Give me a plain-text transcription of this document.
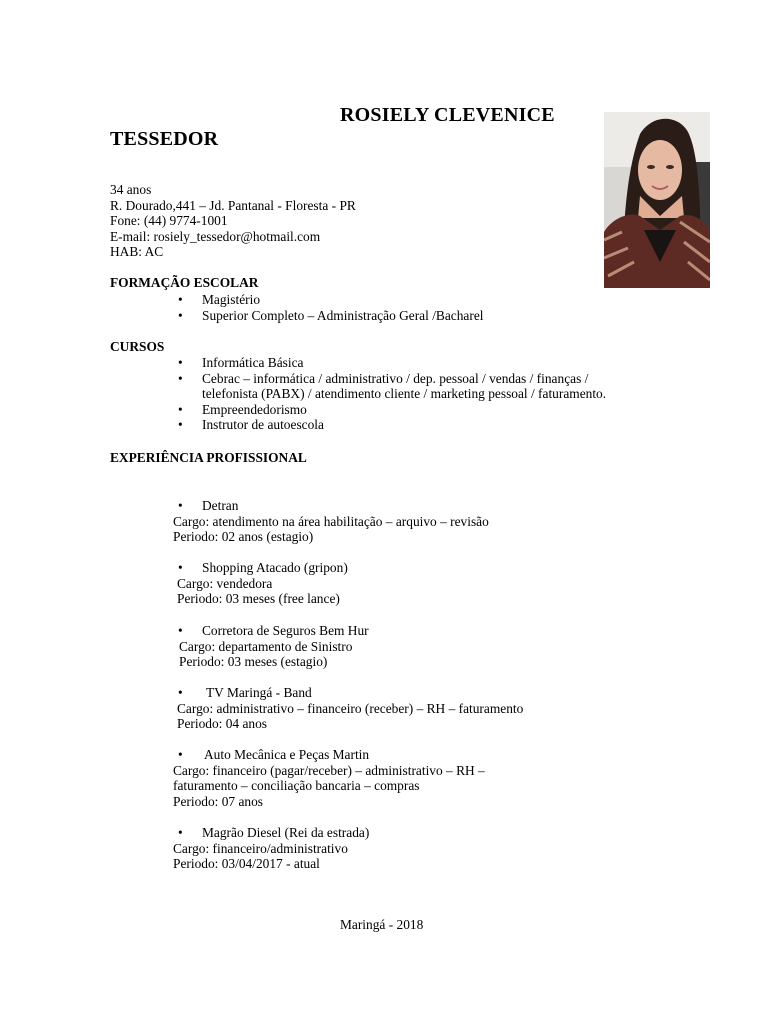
ROSIELY CLEVENICE
TESSEDOR
34 anos
R. Dourado,441 – Jd. Pantanal - Floresta - PR
Fone: (44) 9774-1001
E-mail: rosiely_tessedor@hotmail.com
HAB: AC
FORMAÇÃO ESCOLAR
• Magistério
• Superior Completo – Administração Geral /Bacharel
CURSOS
• Informática Básica
• Cebrac – informática / administrativo / dep. pessoal / vendas / finanças /
telefonista (PABX) / atendimento cliente / marketing pessoal / faturamento.
• Empreendedorismo
• Instrutor de autoescola
EXPERIÊNCIA PROFISSIONAL
• Detran
Cargo: atendimento na área habilitação – arquivo – revisão
Periodo: 02 anos (estagio)
• Shopping Atacado (gripon)
Cargo: vendedora
Periodo: 03 meses (free lance)
• Corretora de Seguros Bem Hur
Cargo: departamento de Sinistro
Periodo: 03 meses (estagio)
• TV Maringá - Band
Cargo: administrativo – financeiro (receber) – RH – faturamento
Periodo: 04 anos
• Auto Mecânica e Peças Martin
Cargo: financeiro (pagar/receber) – administrativo – RH –
faturamento – conciliação bancaria – compras
Periodo: 07 anos
• Magrão Diesel (Rei da estrada)
Cargo: financeiro/administrativo
Periodo: 03/04/2017 - atual
Maringá - 2018
